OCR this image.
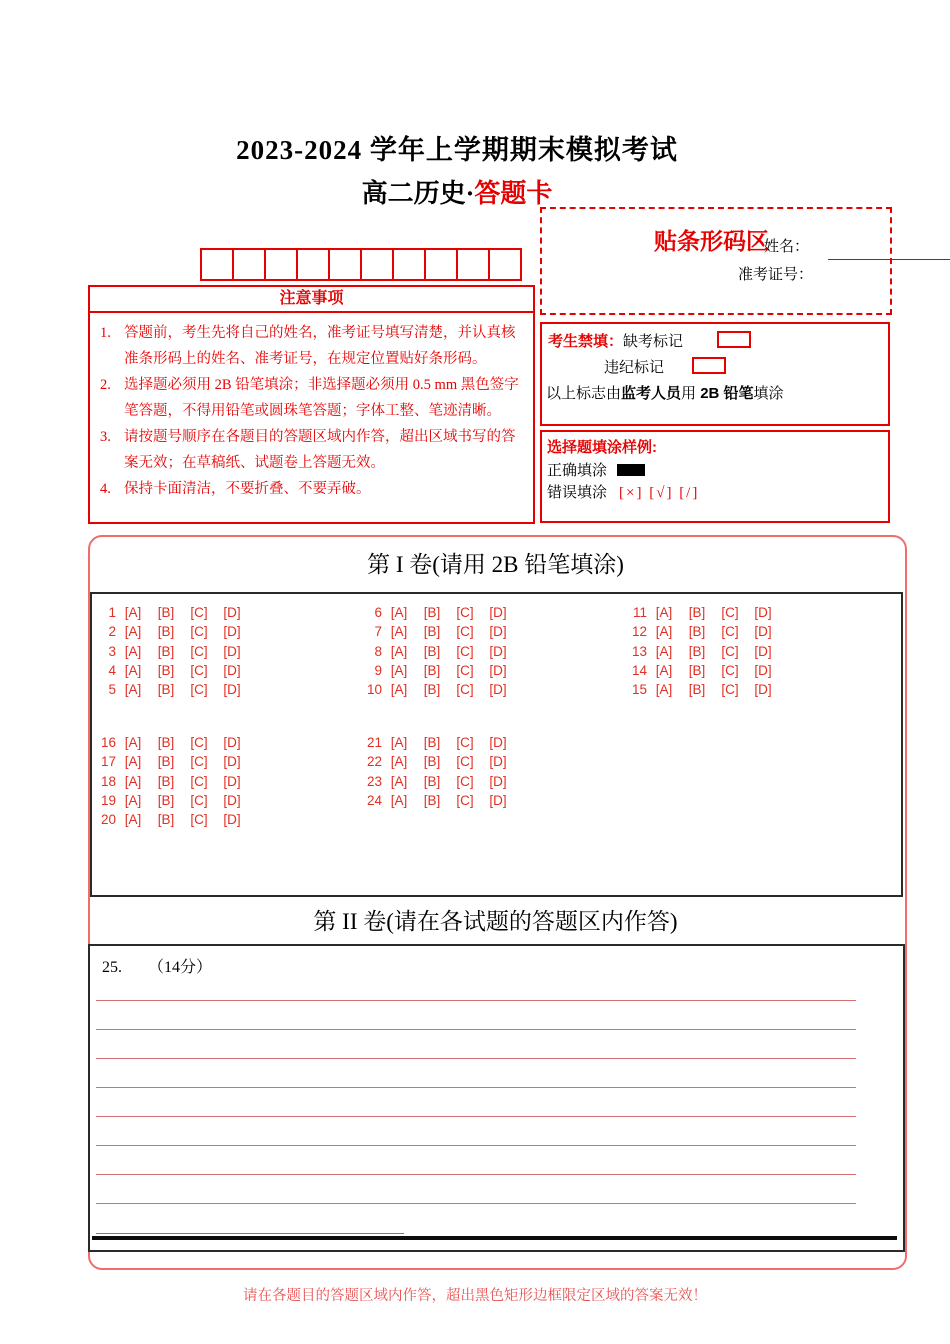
2023-2024 学年上学期期末模拟考试
高二历史·答题卡
贴条形码区
姓名：
准考证号：
注意事项
1. 答题前，考生先将自己的姓名，准考证号填写清楚，并认真核准条形码上的姓名、准考证号，在规定位置贴好条形码。
2. 选择题必须用 2B 铅笔填涂；非选择题必须用 0.5 mm 黑色签字笔答题，不得用铅笔或圆珠笔答题；字体工整、笔迹清晰。
3. 请按题号顺序在各题目的答题区域内作答，超出区域书写的答案无效；在草稿纸、试题卷上答题无效。
4. 保持卡面清洁，不要折叠、不要弄破。
考生禁填：缺考标记
违纪标记
以上标志由监考人员用 2B 铅笔填涂
选择题填涂样例:
正确填涂
错误填涂 [×] [√] [/]
第 I 卷(请用 2B 铅笔填涂)
1 [A] [B] [C] [D]
2 [A] [B] [C] [D]
3 [A] [B] [C] [D]
4 [A] [B] [C] [D]
5 [A] [B] [C] [D]
6 [A] [B] [C] [D]
7 [A] [B] [C] [D]
8 [A] [B] [C] [D]
9 [A] [B] [C] [D]
10 [A] [B] [C] [D]
11 [A] [B] [C] [D]
12 [A] [B] [C] [D]
13 [A] [B] [C] [D]
14 [A] [B] [C] [D]
15 [A] [B] [C] [D]
16 [A] [B] [C] [D]
17 [A] [B] [C] [D]
18 [A] [B] [C] [D]
19 [A] [B] [C] [D]
20 [A] [B] [C] [D]
21 [A] [B] [C] [D]
22 [A] [B] [C] [D]
23 [A] [B] [C] [D]
24 [A] [B] [C] [D]
第 II 卷(请在各试题的答题区内作答)
25. （14分）
请在各题目的答题区域内作答，超出黑色矩形边框限定区域的答案无效！
